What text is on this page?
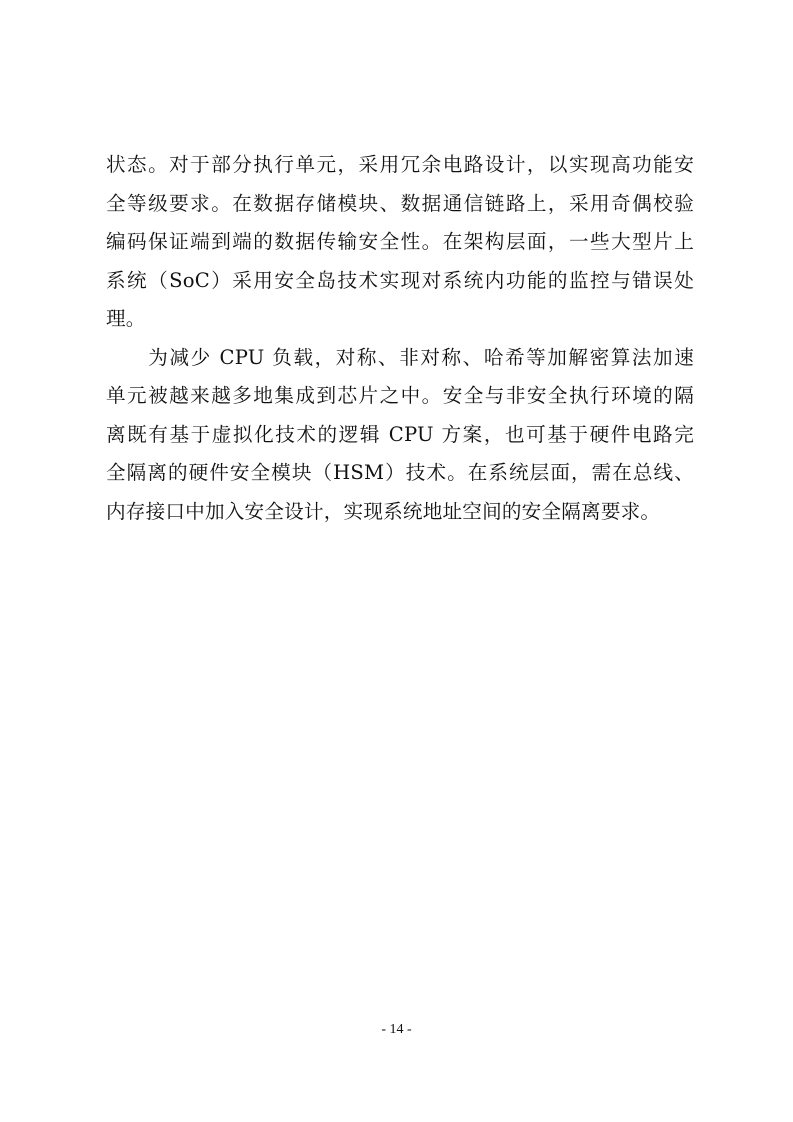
状态。对于部分执行单元，采用冗余电路设计，以实现高功能安
全等级要求。在数据存储模块、数据通信链路上，采用奇偶校验
编码保证端到端的数据传输安全性。在架构层面，一些大型片上
系统（SoC）采用安全岛技术实现对系统内功能的监控与错误处
理。
　　为减少 CPU 负载，对称、非对称、哈希等加解密算法加速
单元被越来越多地集成到芯片之中。安全与非安全执行环境的隔
离既有基于虚拟化技术的逻辑 CPU 方案，也可基于硬件电路完
全隔离的硬件安全模块（HSM）技术。在系统层面，需在总线、
内存接口中加入安全设计，实现系统地址空间的安全隔离要求。
- 14 -
